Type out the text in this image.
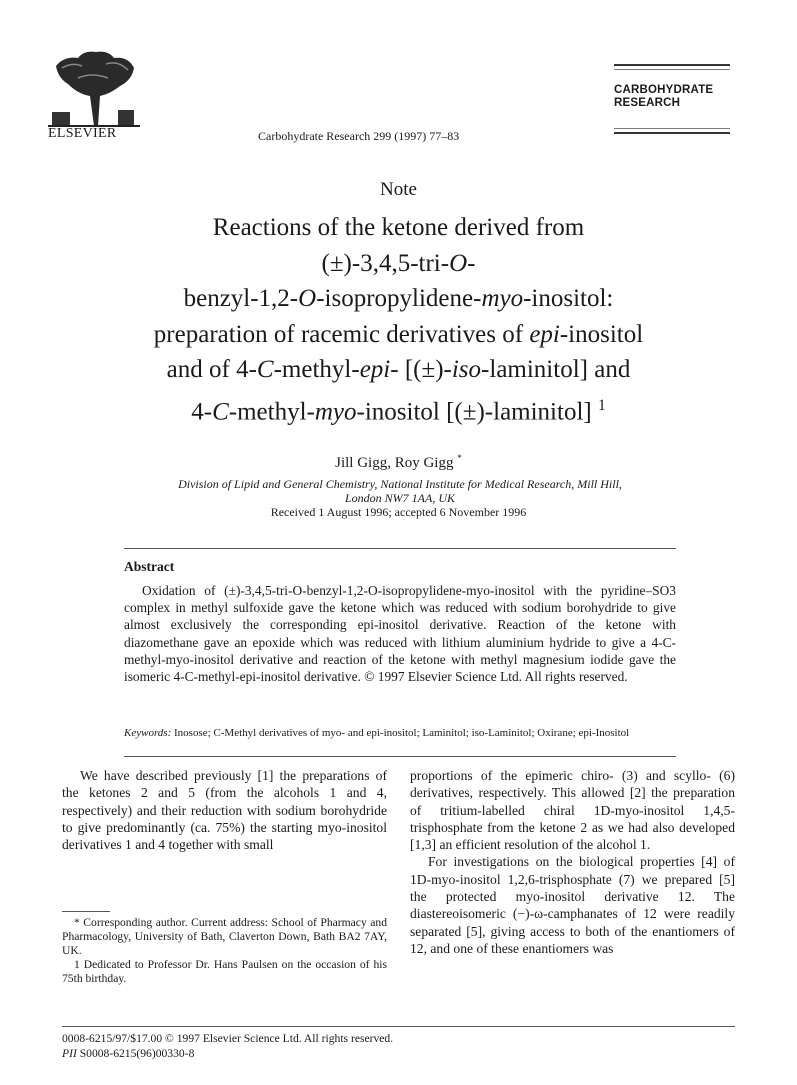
ELSEVIER	Carbohydrate Research 299 (1997) 77–83
CARBOHYDRATE
RESEARCH
Note
Reactions of the ketone derived from
(±)-3,4,5-tri-O-
benzyl-1,2-O-isopropylidene-myo-inositol:
preparation of racemic derivatives of epi-inositol
and of 4-C-methyl-epi- [(±)-iso-laminitol] and
4-C-methyl-myo-inositol [(±)-laminitol] $^1$
Jill Gigg, Roy Gigg *
Division of Lipid and General Chemistry, National Institute for Medical Research, Mill Hill,
London NW7 1AA, UK
Received 1 August 1996; accepted 6 November 1996
Abstract
Oxidation of (±)-3,4,5-tri-O-benzyl-1,2-O-isopropylidene-myo-inositol with the pyridine–SO3 complex in methyl sulfoxide gave the ketone which was reduced with sodium borohydride to give almost exclusively the corresponding epi-inositol derivative. Reaction of the ketone with diazomethane gave an epoxide which was reduced with lithium aluminium hydride to give a 4-C-methyl-myo-inositol derivative and reaction of the ketone with methyl magnesium iodide gave the isomeric 4-C-methyl-epi-inositol derivative. © 1997 Elsevier Science Ltd. All rights reserved.
Keywords: Inosose; C-Methyl derivatives of myo- and epi-inositol; Laminitol; iso-Laminitol; Oxirane; epi-Inositol

We have described previously [1] the preparations of the ketones 2 and 5 (from the alcohols 1 and 4, respectively) and their reduction with sodium borohydride to give predominantly (ca. 75%) the starting myo-inositol derivatives 1 and 4 together with small

proportions of the epimeric chiro- (3) and scyllo- (6) derivatives, respectively. This allowed [2] the preparation of tritium-labelled chiral 1D-myo-inositol 1,4,5-trisphosphate from the ketone 2 as we had also developed [1,3] an efficient resolution of the alcohol 1.

For investigations on the biological properties [4] of 1D-myo-inositol 1,2,6-trisphosphate (7) we prepared [5] the protected myo-inositol derivative 12. The diastereoisomeric (−)-ω-camphanates of 12 were readily separated [5], giving access to both of the enantiomers of 12, and one of these enantiomers was

* Corresponding author. Current address: School of Pharmacy and Pharmacology, University of Bath, Claverton Down, Bath BA2 7AY, UK.

1 Dedicated to Professor Dr. Hans Paulsen on the occasion of his 75th birthday.

0008-6215/97/$17.00 © 1997 Elsevier Science Ltd. All rights reserved.
PII S0008-6215(96)00330-8
